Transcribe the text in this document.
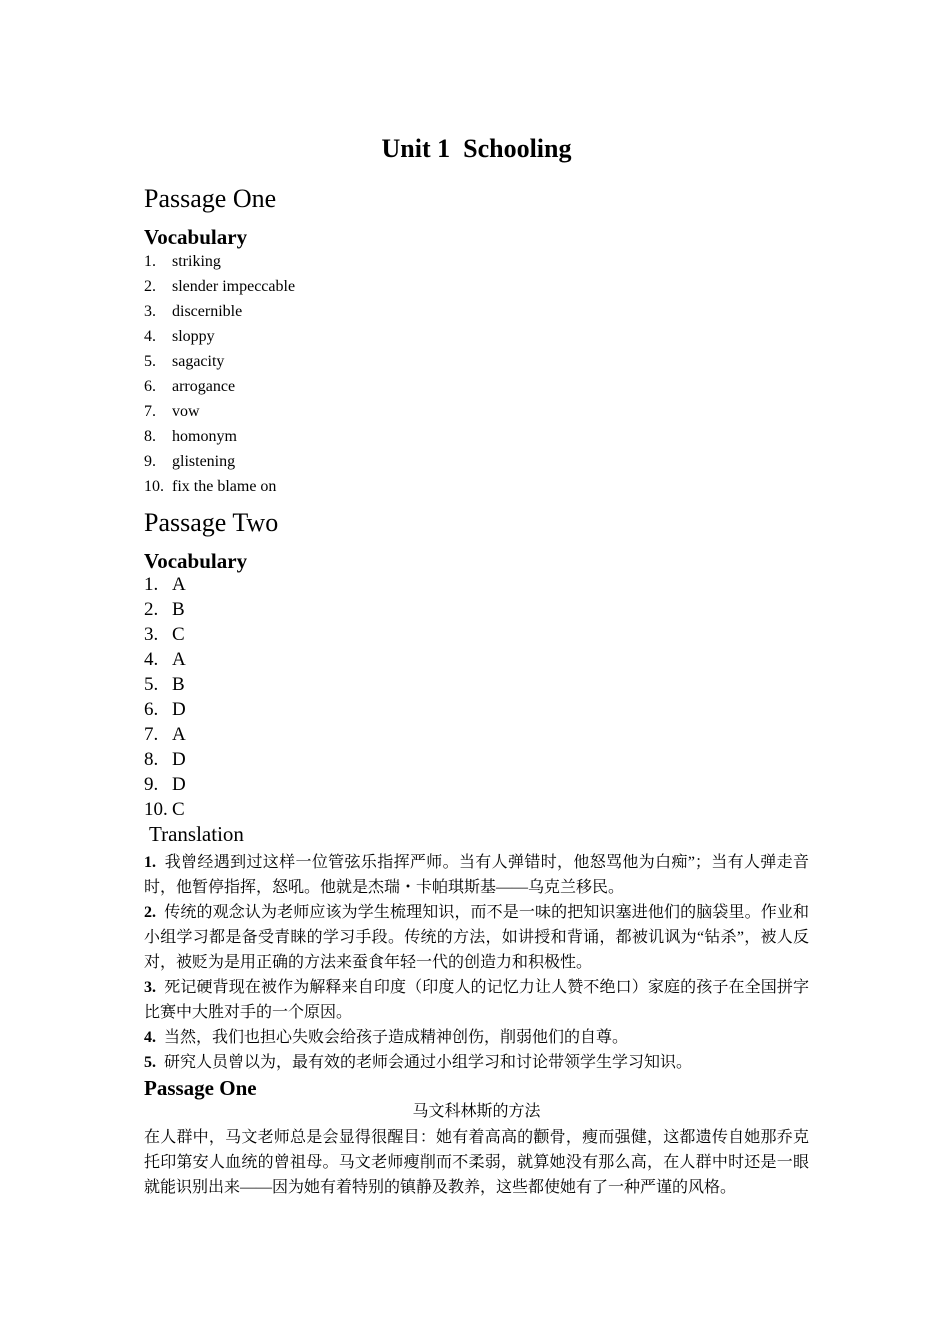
Unit 1  Schooling
Passage One
Vocabulary
1. striking
2. slender impeccable
3. discernible
4. sloppy
5. sagacity
6. arrogance
7. vow
8. homonym
9. glistening
10. fix the blame on
Passage Two
Vocabulary
1. A
2. B
3. C
4. A
5. B
6. D
7. A
8. D
9. D
10. C
Translation

1. 我曾经遇到过这样一位管弦乐指挥严师。当有人弹错时，他怒骂他为白痴”；当有人弹走音时，他暂停指挥，怒吼。他就是杰瑞・卡帕琪斯基——乌克兰移民。

2. 传统的观念认为老师应该为学生梳理知识，而不是一味的把知识塞进他们的脑袋里。作业和小组学习都是备受青睐的学习手段。传统的方法，如讲授和背诵，都被讥讽为“钻杀”，被人反对，被贬为是用正确的方法来蚕食年轻一代的创造力和积极性。

3. 死记硬背现在被作为解释来自印度（印度人的记忆力让人赞不绝口）家庭的孩子在全国拼字比赛中大胜对手的一个原因。

4. 当然，我们也担心失败会给孩子造成精神创伤，削弱他们的自尊。

5. 研究人员曾以为，最有效的老师会通过小组学习和讨论带领学生学习知识。

Passage One
马文科林斯的方法

在人群中，马文老师总是会显得很醒目：她有着高高的颧骨，瘦而强健，这都遗传自她那乔克托印第安人血统的曾祖母。马文老师瘦削而不柔弱，就算她没有那么高，在人群中时还是一眼就能识别出来——因为她有着特别的镇静及教养，这些都使她有了一种严谨的风格。
